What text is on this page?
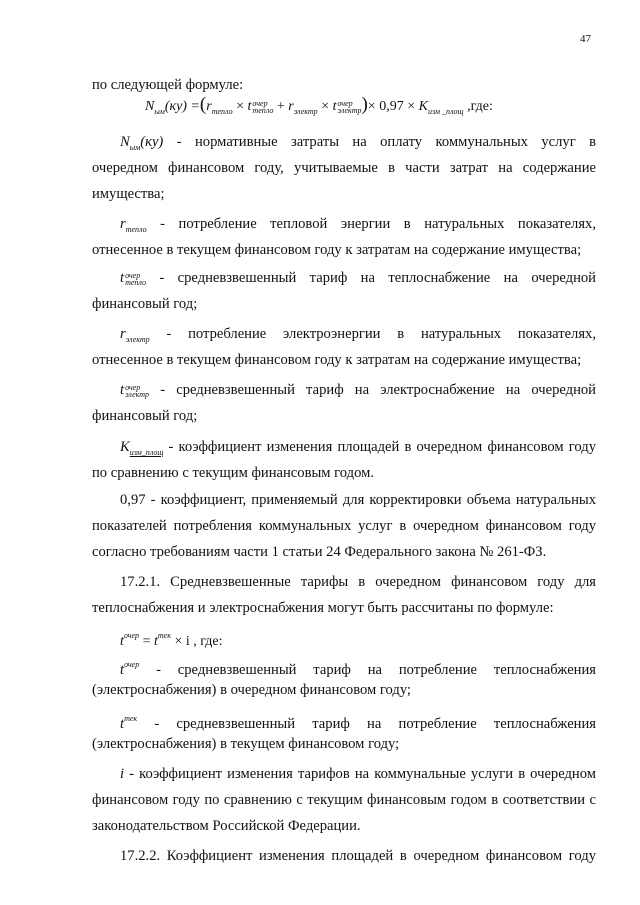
47
по следующей формуле:
$N_{ым}(ку) =(r_{тепло} \times t$ очер
тепло + $r_{электр} \times t$ очер
электр )× $0,97 \times K_{изм \_площ}$ ,где:
$N_{ым}(ку)$ - нормативные затраты на оплату коммунальных услуг в
очередном финансовом году, учитываемые в части затрат на содержание
имущества;
$r_{тепло}$ - потребление тепловой энергии в натуральных показателях,
отнесенное в текущем финансовом году к затратам на содержание имущества;
t очер
тепло - средневзвешенный тариф на теплоснабжение на очередной
финансовый год;
$r_{электр}$ - потребление электроэнергии в натуральных показателях,
отнесенное в текущем финансовом году к затратам на содержание имущества;
t очер
электр - средневзвешенный тариф на электроснабжение на очередной
финансовый год;
$K_{изм\_площ}$ - коэффициент изменения площадей в очередном финансовом году
по сравнению с текущим финансовым годом.
0,97 - коэффициент, применяемый для корректировки объема натуральных
показателей потребления коммунальных услуг в очередном финансовом году
согласно требованиям части 1 статьи 24 Федерального закона № 261-ФЗ.
17.2.1. Средневзвешенные тарифы в очередном финансовом году для
теплоснабжения и электроснабжения могут быть рассчитаны по формуле:
$t^{очер} = t^{тек} \times i$ , где:
$t^{очер}$ - средневзвешенный тариф на потребление теплоснабжения
(электроснабжения) в очередном финансовом году;
$t^{тек}$ - средневзвешенный тариф на потребление теплоснабжения
(электроснабжения) в текущем финансовом году;
i - коэффициент изменения тарифов на коммунальные услуги в очередном
финансовом году по сравнению с текущим финансовым годом в соответствии с
законодательством Российской Федерации.
17.2.2. Коэффициент изменения площадей в очередном финансовом году
